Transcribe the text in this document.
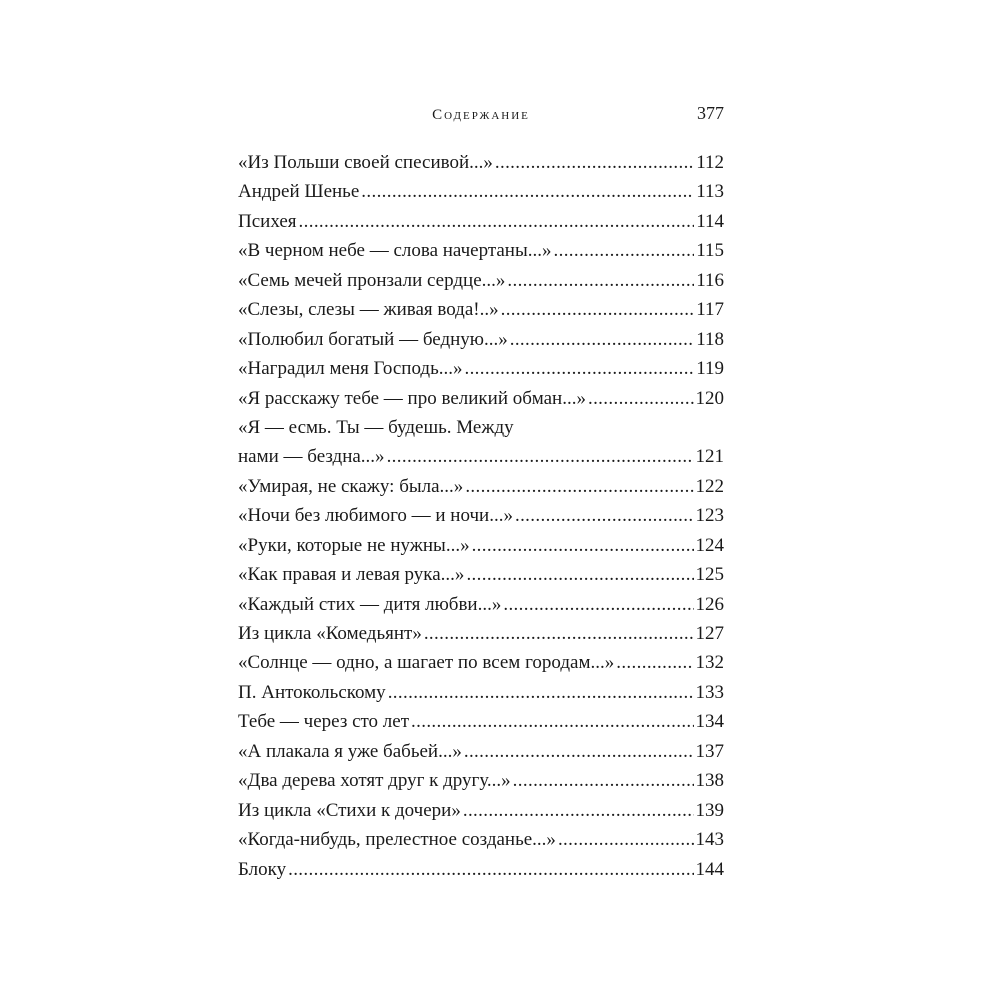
Содержание	377
«Из Польши своей спесивой...» . . .	112
Андрей Шенье . . .	113
Психея . . .	114
«В черном небе — слова начертаны...» . . .	115
«Семь мечей пронзали сердце...» . . .	116
«Слезы, слезы — живая вода!..» . . .	117
«Полюбил богатый — бедную...» . . .	118
«Наградил меня Господь...» . . .	119
«Я расскажу тебе — про великий обман...» . . .	120
«Я — есмь. Ты — будешь. Между
нами — бездна...» . . .	121
«Умирая, не скажу: была...» . . .	122
«Ночи без любимого — и ночи...» . . .	123
«Руки, которые не нужны...» . . .	124
«Как правая и левая рука...» . . .	125
«Каждый стих — дитя любви...» . . .	126
Из цикла «Комедьянт» . . .	127
«Солнце — одно, а шагает по всем городам...» . . .	132
П. Антокольскому . . .	133
Тебе — через сто лет . . .	134
«А плакала я уже бабьей...» . . .	137
«Два дерева хотят друг к другу...» . . .	138
Из цикла «Стихи к дочери» . . .	139
«Когда-нибудь, прелестное созданье...» . . .	143
Блоку . . .	144
